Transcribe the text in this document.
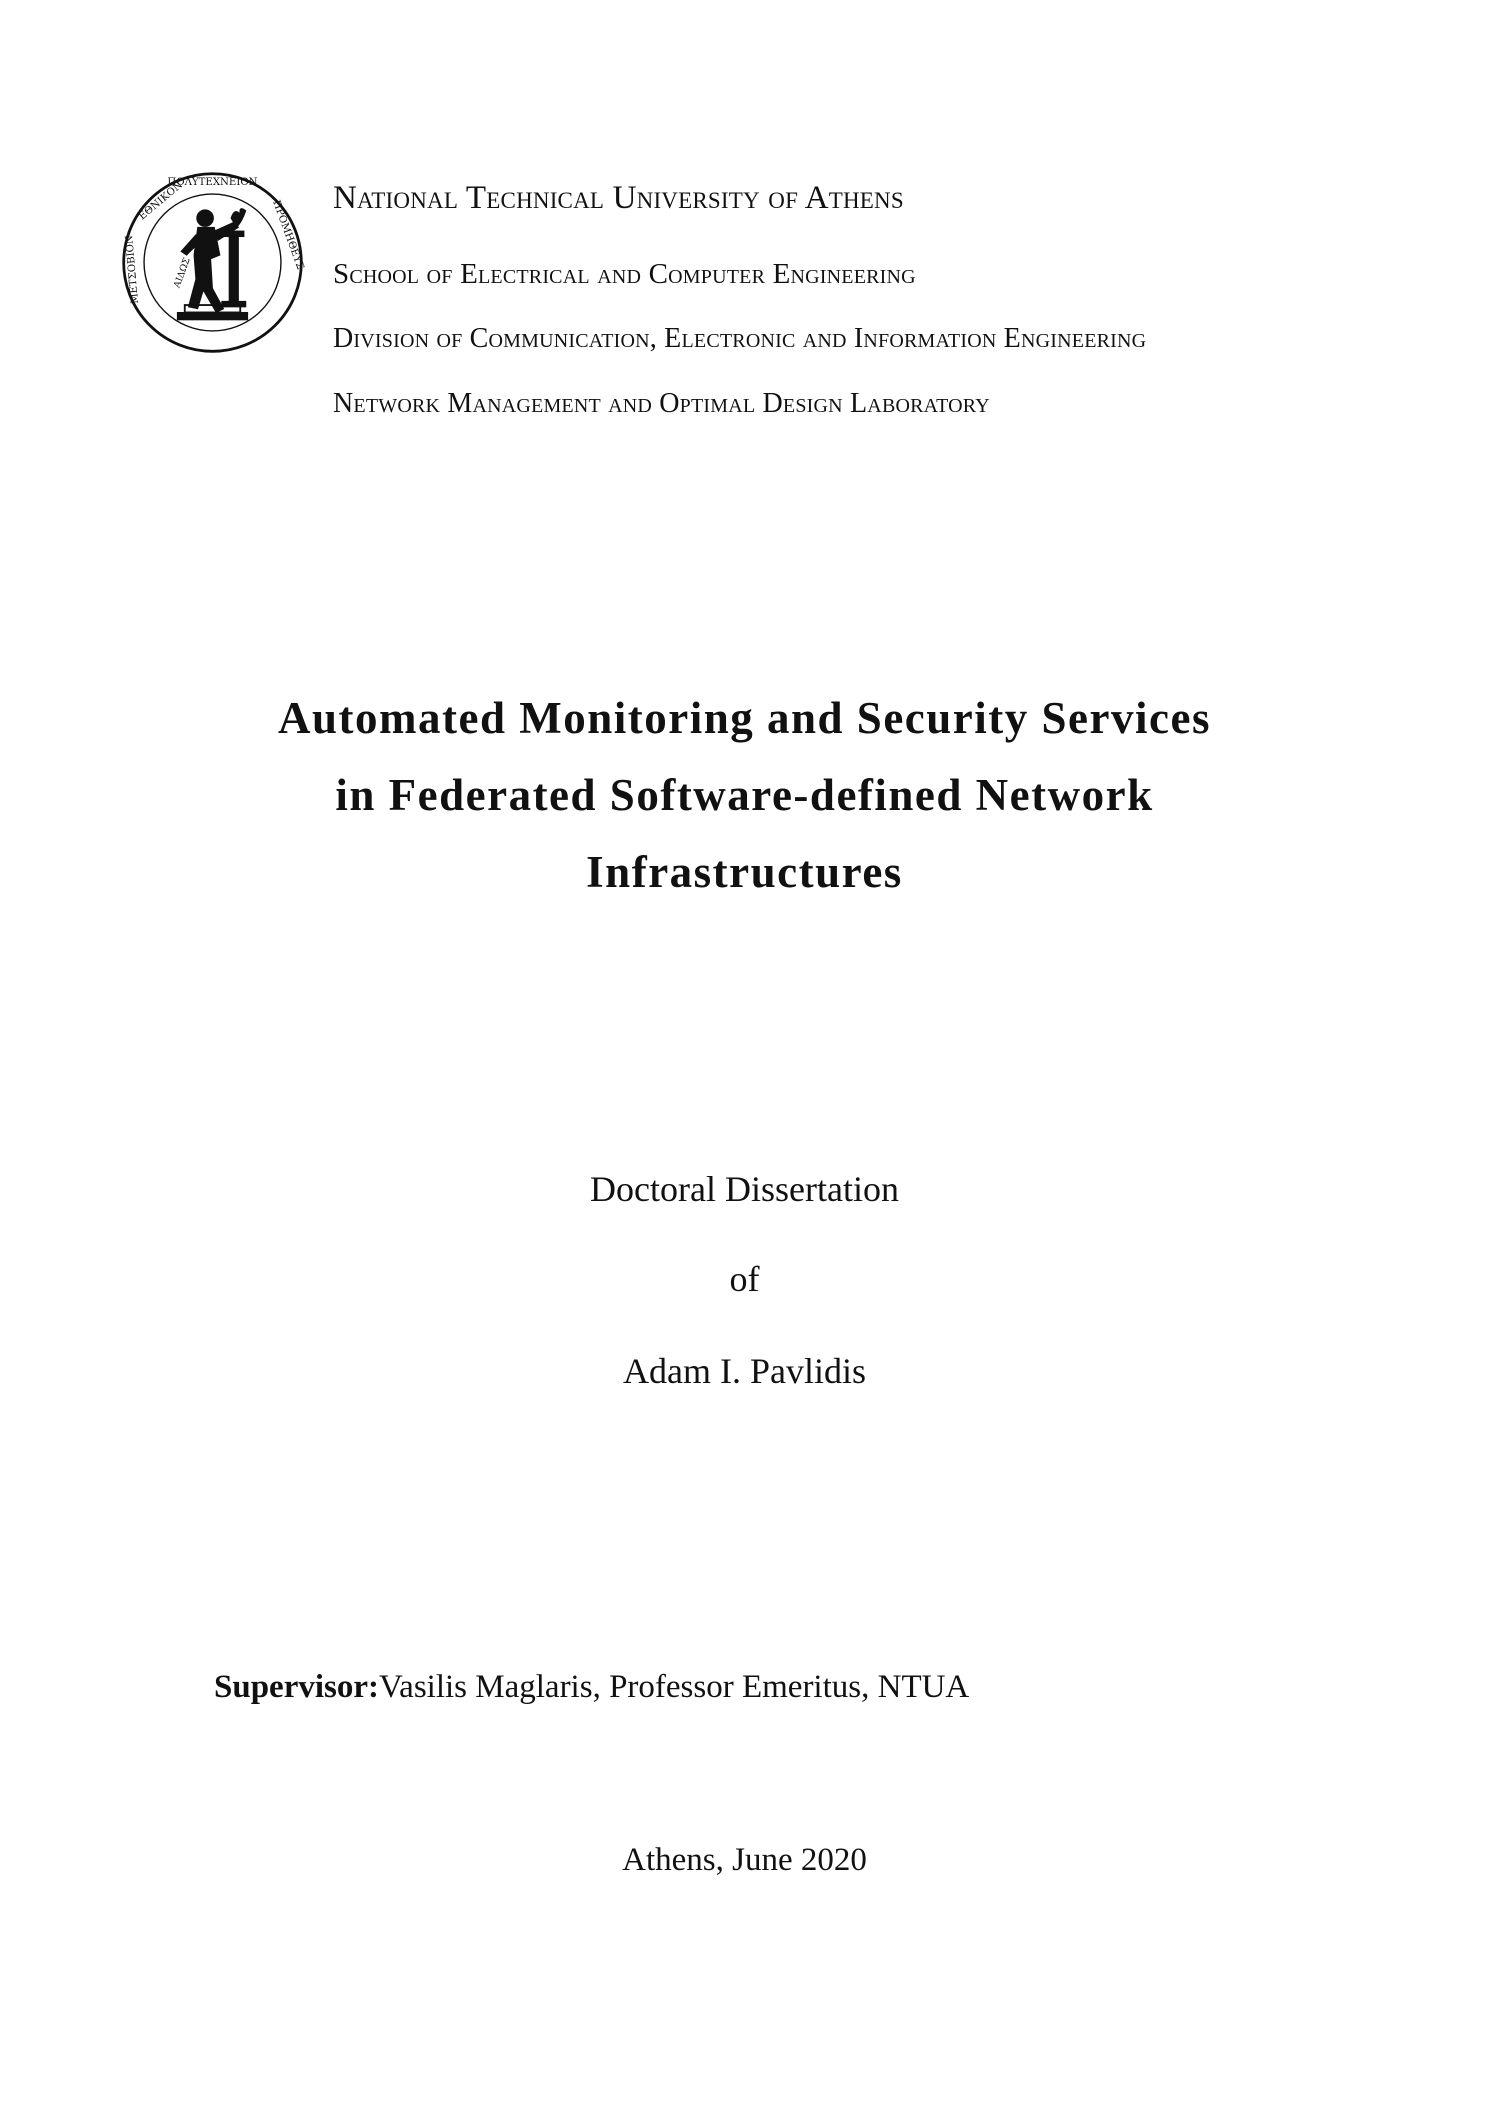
ΕΘΝΙΚΟΝ
ΠΟΛΥΤΕΧΝΕΙΟΝ
ΜΕΤΣΟΒΙΟΝ	ΠΡΟΜΗΘΕΥΣ
ΑΙΔΩΣ
National Technical University of Athens
School of Electrical and Computer Engineering
Division of Communication, Electronic and Information Engineering
Network Management and Optimal Design Laboratory
Automated Monitoring and Security Services
in Federated Software-defined Network
Infrastructures
Doctoral Dissertation
of
Adam I. Pavlidis
Supervisor:Vasilis Maglaris, Professor Emeritus, NTUA
Athens, June 2020
